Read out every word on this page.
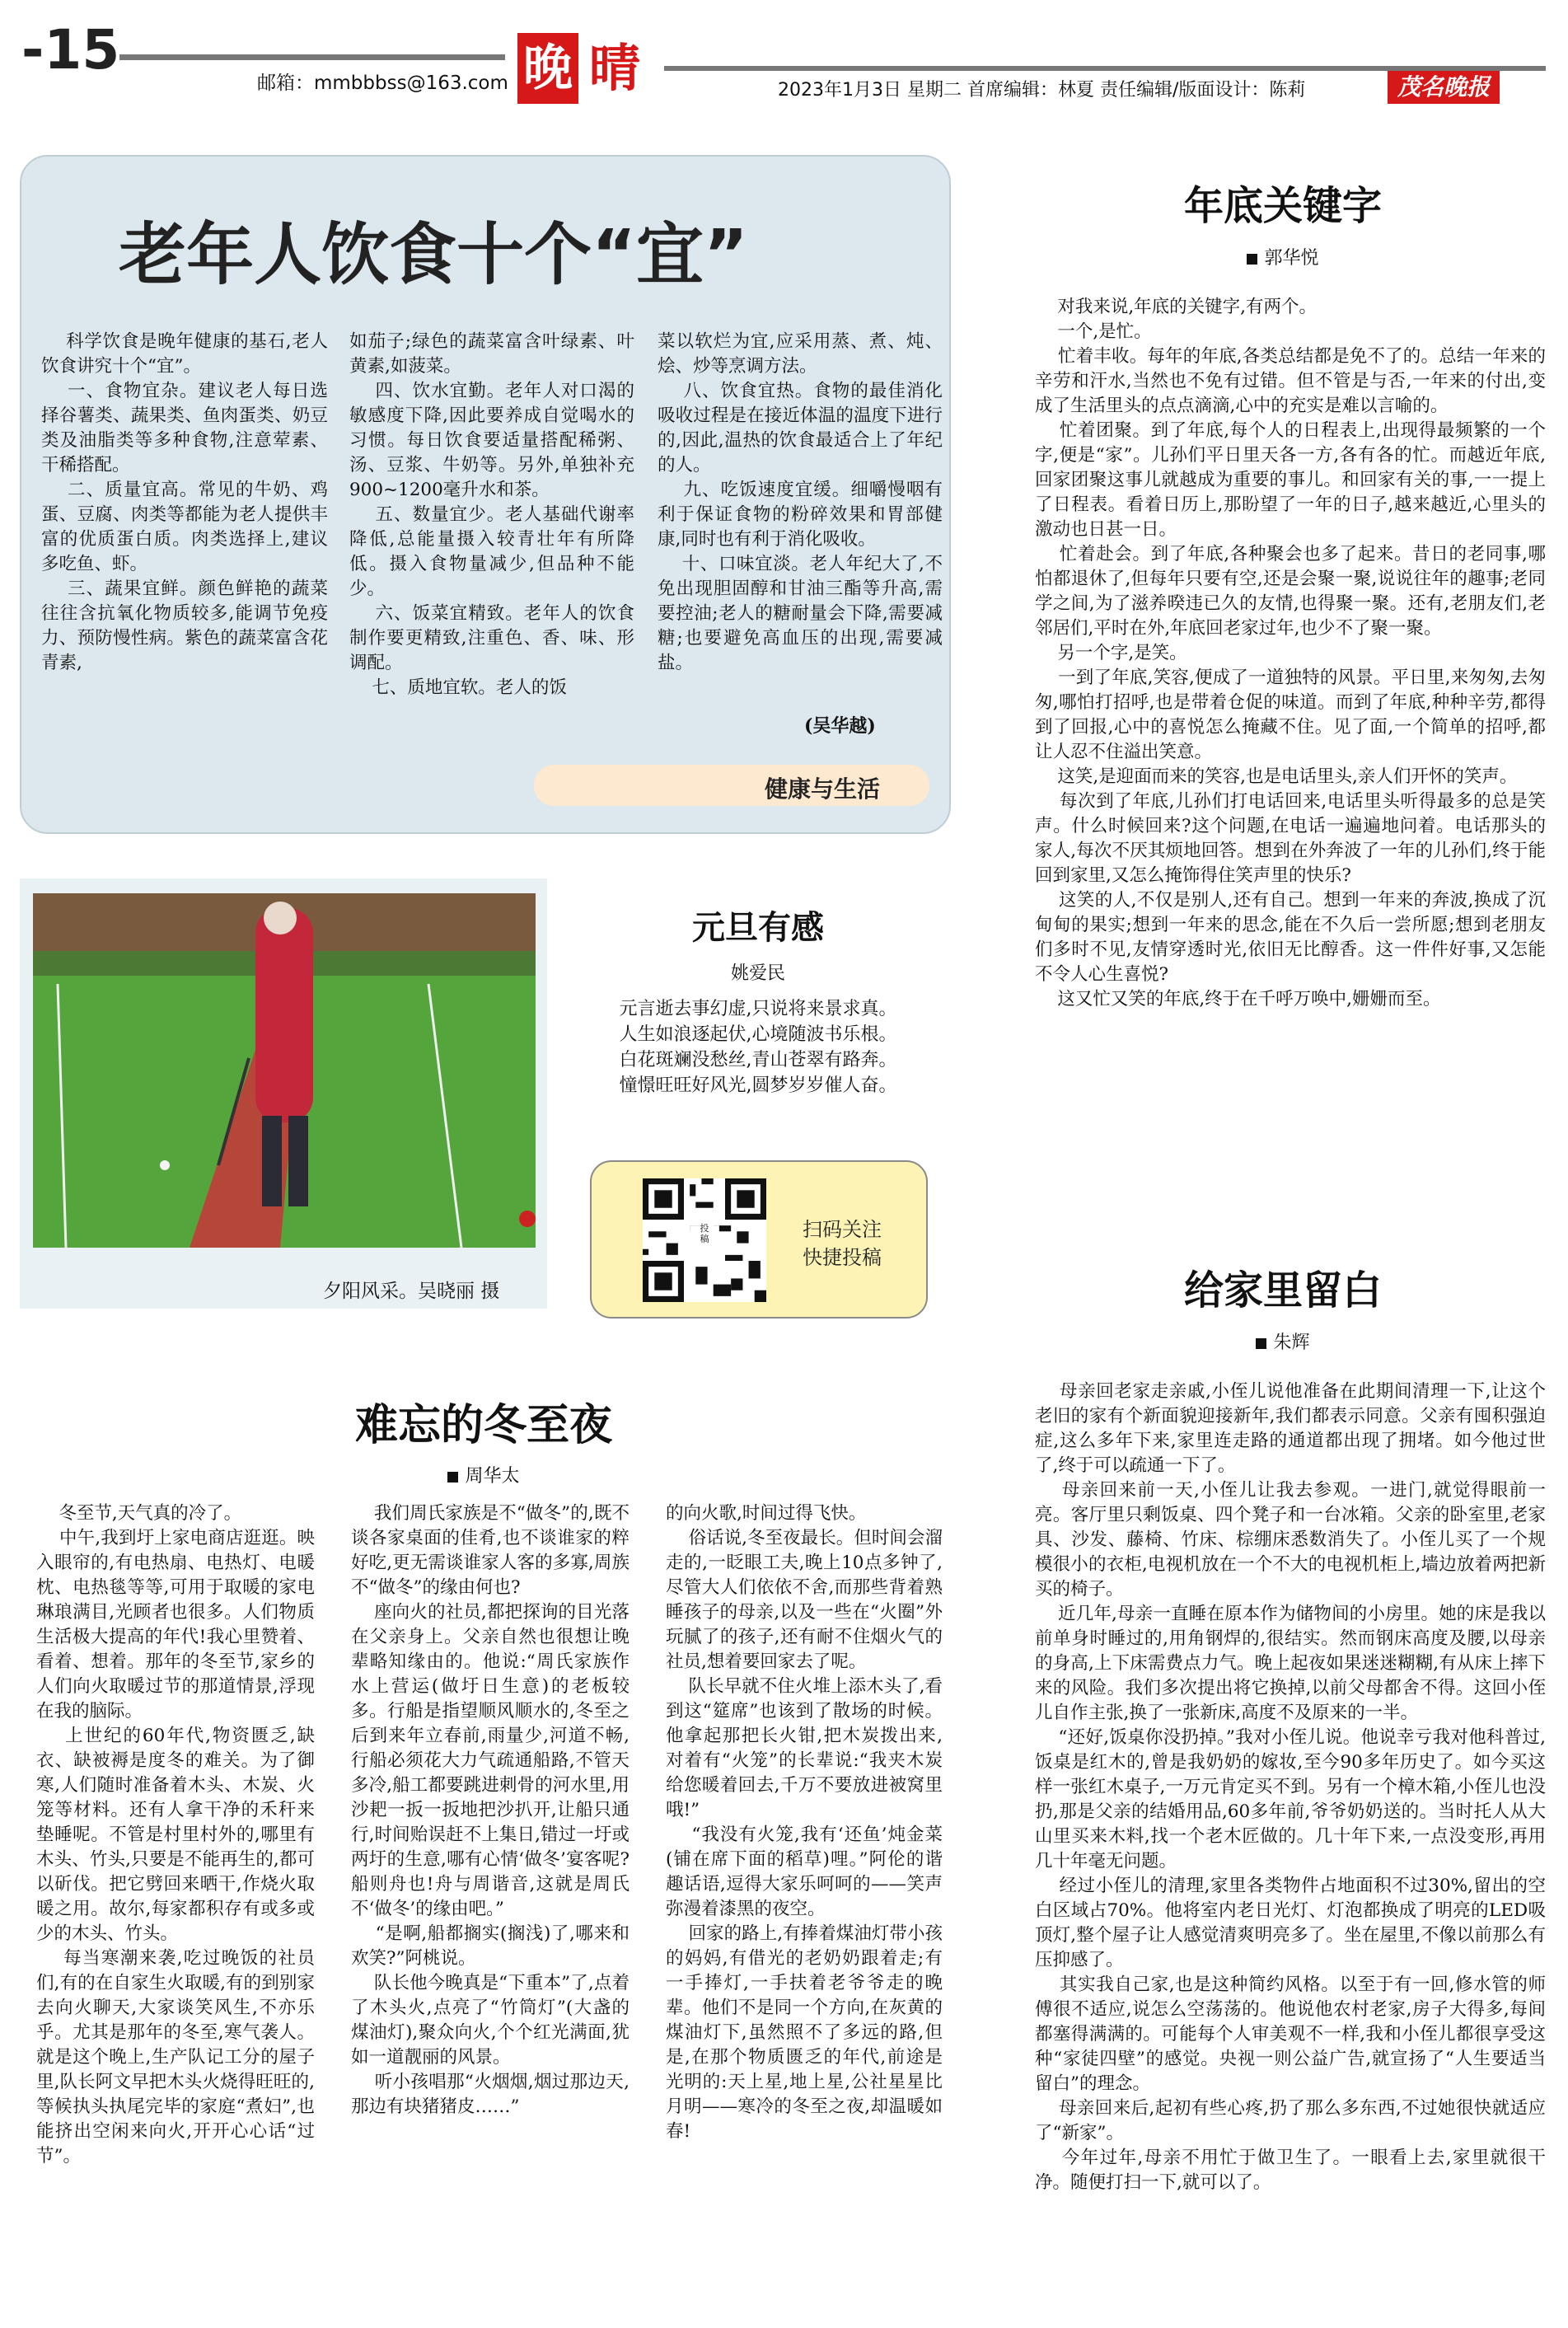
-15
邮箱：mmbbbss@163.com 晚 晴	2023年1月3日 星期二 首席编辑：林夏 责任编辑/版面设计：陈莉	茂名晚报
老年人饮食十个“宜”
科学饮食是晚年健康的基石,老人饮食讲究十个“宜”。
一、食物宜杂。建议老人每日选择谷薯类、蔬果类、鱼肉蛋类、奶豆类及油脂类等多种食物,注意荤素、干稀搭配。
二、质量宜高。常见的牛奶、鸡蛋、豆腐、肉类等都能为老人提供丰富的优质蛋白质。肉类选择上,建议多吃鱼、虾。
三、蔬果宜鲜。颜色鲜艳的蔬菜往往含抗氧化物质较多,能调节免疫力、预防慢性病。紫色的蔬菜富含花青素,
如茄子;绿色的蔬菜富含叶绿素、叶黄素,如菠菜。
四、饮水宜勤。老年人对口渴的敏感度下降,因此要养成自觉喝水的习惯。每日饮食要适量搭配稀粥、汤、豆浆、牛奶等。另外,单独补充900~1200毫升水和茶。
五、数量宜少。老人基础代谢率降低,总能量摄入较青壮年有所降低。摄入食物量减少,但品种不能少。
六、饭菜宜精致。老年人的饮食制作要更精致,注重色、香、味、形调配。
七、质地宜软。老人的饭
菜以软烂为宜,应采用蒸、煮、炖、烩、炒等烹调方法。
八、饮食宜热。食物的最佳消化吸收过程是在接近体温的温度下进行的,因此,温热的饮食最适合上了年纪的人。
九、吃饭速度宜缓。细嚼慢咽有利于保证食物的粉碎效果和胃部健康,同时也有利于消化吸收。
十、口味宜淡。老人年纪大了,不免出现胆固醇和甘油三酯等升高,需要控油;老人的糖耐量会下降,需要减糖;也要避免高血压的出现,需要减盐。
(吴华越)
健康与生活
夕阳风采。吴晓丽 摄
元旦有感
姚爱民
元言逝去事幻虚,只说将来景求真。
人生如浪逐起伏,心境随波书乐根。
白花斑斓没愁丝,青山苍翠有路奔。
憧憬旺旺好风光,圆梦岁岁催人奋。
投
稿	扫码关注
快捷投稿
难忘的冬至夜
周华太
冬至节,天气真的冷了。
中午,我到圩上家电商店逛逛。映入眼帘的,有电热扇、电热灯、电暖枕、电热毯等等,可用于取暖的家电琳琅满目,光顾者也很多。人们物质生活极大提高的年代!我心里赞着、看着、想着。那年的冬至节,家乡的人们向火取暖过节的那道情景,浮现在我的脑际。
上世纪的60年代,物资匮乏,缺衣、缺被褥是度冬的难关。为了御寒,人们随时准备着木头、木炭、火笼等材料。还有人拿干净的禾秆来垫睡呢。不管是村里村外的,哪里有木头、竹头,只要是不能再生的,都可以斫伐。把它劈回来晒干,作烧火取暖之用。故尔,每家都积存有或多或少的木头、竹头。
每当寒潮来袭,吃过晚饭的社员们,有的在自家生火取暖,有的到别家去向火聊天,大家谈笑风生,不亦乐乎。尤其是那年的冬至,寒气袭人。就是这个晚上,生产队记工分的屋子里,队长阿文早把木头火烧得旺旺的,等候执头执尾完毕的家庭“煮妇”,也能挤出空闲来向火,开开心心话“过节”。
我们周氏家族是不“做冬”的,既不谈各家桌面的佳肴,也不谈谁家的粹好吃,更无需谈谁家人客的多寡,周族不“做冬”的缘由何也?
座向火的社员,都把探询的目光落在父亲身上。父亲自然也很想让晚辈略知缘由的。他说:“周氏家族作水上营运(做圩日生意)的老板较多。行船是指望顺风顺水的,冬至之后到来年立春前,雨量少,河道不畅,行船必须花大力气疏通船路,不管天多冷,船工都要跳进刺骨的河水里,用沙耙一扳一扳地把沙扒开,让船只通行,时间贻误赶不上集日,错过一圩或两圩的生意,哪有心情‘做冬’宴客呢?船则舟也!舟与周谐音,这就是周氏不‘做冬’的缘由吧。”
“是啊,船都搁实(搁浅)了,哪来和欢笑?”阿桃说。
队长他今晚真是“下重本”了,点着了木头火,点亮了“竹筒灯”(大盏的煤油灯),聚众向火,个个红光满面,犹如一道靓丽的风景。
听小孩唱那“火烟烟,烟过那边天,那边有块猪猪皮……”
的向火歌,时间过得飞快。
俗话说,冬至夜最长。但时间会溜走的,一眨眼工夫,晚上10点多钟了,尽管大人们依依不舍,而那些背着熟睡孩子的母亲,以及一些在“火圈”外玩腻了的孩子,还有耐不住烟火气的社员,想着要回家去了呢。
队长早就不住火堆上添木头了,看到这“筵席”也该到了散场的时候。他拿起那把长火钳,把木炭拨出来,对着有“火笼”的长辈说:“我夹木炭给您暖着回去,千万不要放进被窝里哦!”
“我没有火笼,我有‘还鱼’炖金菜(铺在席下面的稻草)哩。”阿伦的谐趣话语,逗得大家乐呵呵的——笑声弥漫着漆黑的夜空。
回家的路上,有捧着煤油灯带小孩的妈妈,有借光的老奶奶跟着走;有一手捧灯,一手扶着老爷爷走的晚辈。他们不是同一个方向,在灰黄的煤油灯下,虽然照不了多远的路,但是,在那个物质匮乏的年代,前途是光明的:天上星,地上星,公社星星比月明——寒冷的冬至之夜,却温暖如春!
年底关键字
郭华悦
对我来说,年底的关键字,有两个。
一个,是忙。
忙着丰收。每年的年底,各类总结都是免不了的。总结一年来的辛劳和汗水,当然也不免有过错。但不管是与否,一年来的付出,变成了生活里头的点点滴滴,心中的充实是难以言喻的。
忙着团聚。到了年底,每个人的日程表上,出现得最频繁的一个字,便是“家”。儿孙们平日里天各一方,各有各的忙。而越近年底,回家团聚这事儿就越成为重要的事儿。和回家有关的事,一一提上了日程表。看着日历上,那盼望了一年的日子,越来越近,心里头的激动也日甚一日。
忙着赴会。到了年底,各种聚会也多了起来。昔日的老同事,哪怕都退休了,但每年只要有空,还是会聚一聚,说说往年的趣事;老同学之间,为了滋养暌违已久的友情,也得聚一聚。还有,老朋友们,老邻居们,平时在外,年底回老家过年,也少不了聚一聚。
另一个字,是笑。
一到了年底,笑容,便成了一道独特的风景。平日里,来匆匆,去匆匆,哪怕打招呼,也是带着仓促的味道。而到了年底,种种辛劳,都得到了回报,心中的喜悦怎么掩藏不住。见了面,一个简单的招呼,都让人忍不住溢出笑意。
这笑,是迎面而来的笑容,也是电话里头,亲人们开怀的笑声。
每次到了年底,儿孙们打电话回来,电话里头听得最多的总是笑声。什么时候回来?这个问题,在电话一遍遍地问着。电话那头的家人,每次不厌其烦地回答。想到在外奔波了一年的儿孙们,终于能回到家里,又怎么掩饰得住笑声里的快乐?
这笑的人,不仅是别人,还有自己。想到一年来的奔波,换成了沉甸甸的果实;想到一年来的思念,能在不久后一尝所愿;想到老朋友们多时不见,友情穿透时光,依旧无比醇香。这一件件好事,又怎能不令人心生喜悦?
这又忙又笑的年底,终于在千呼万唤中,姗姗而至。
给家里留白
朱辉
母亲回老家走亲戚,小侄儿说他准备在此期间清理一下,让这个老旧的家有个新面貌迎接新年,我们都表示同意。父亲有囤积强迫症,这么多年下来,家里连走路的通道都出现了拥堵。如今他过世了,终于可以疏通一下了。
母亲回来前一天,小侄儿让我去参观。一进门,就觉得眼前一亮。客厅里只剩饭桌、四个凳子和一台冰箱。父亲的卧室里,老家具、沙发、藤椅、竹床、棕绷床悉数消失了。小侄儿买了一个规模很小的衣柜,电视机放在一个不大的电视机柜上,墙边放着两把新买的椅子。
近几年,母亲一直睡在原本作为储物间的小房里。她的床是我以前单身时睡过的,用角钢焊的,很结实。然而钢床高度及腰,以母亲的身高,上下床需费点力气。晚上起夜如果迷迷糊糊,有从床上摔下来的风险。我们多次提出将它换掉,以前父母都舍不得。这回小侄儿自作主张,换了一张新床,高度不及原来的一半。
“还好,饭桌你没扔掉。”我对小侄儿说。他说幸亏我对他科普过,饭桌是红木的,曾是我奶奶的嫁妆,至今90多年历史了。如今买这样一张红木桌子,一万元肯定买不到。另有一个樟木箱,小侄儿也没扔,那是父亲的结婚用品,60多年前,爷爷奶奶送的。当时托人从大山里买来木料,找一个老木匠做的。几十年下来,一点没变形,再用几十年毫无问题。
经过小侄儿的清理,家里各类物件占地面积不过30%,留出的空白区域占70%。他将室内老日光灯、灯泡都换成了明亮的LED吸顶灯,整个屋子让人感觉清爽明亮多了。坐在屋里,不像以前那么有压抑感了。
其实我自己家,也是这种简约风格。以至于有一回,修水管的师傅很不适应,说怎么空荡荡的。他说他农村老家,房子大得多,每间都塞得满满的。可能每个人审美观不一样,我和小侄儿都很享受这种“家徒四壁”的感觉。央视一则公益广告,就宣扬了“人生要适当留白”的理念。
母亲回来后,起初有些心疼,扔了那么多东西,不过她很快就适应了“新家”。
今年过年,母亲不用忙于做卫生了。一眼看上去,家里就很干净。随便打扫一下,就可以了。
